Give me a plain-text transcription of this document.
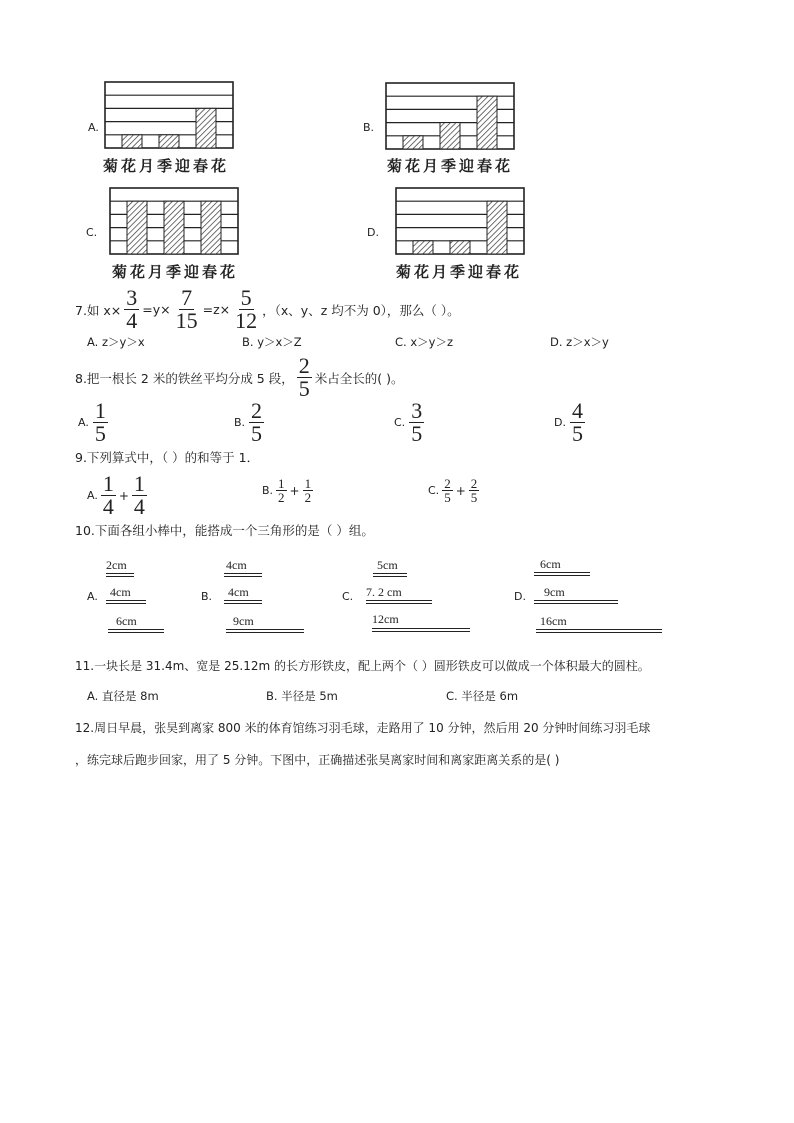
A.
菊花月季迎春花
B.
菊花月季迎春花
C.
菊花月季迎春花
D.
菊花月季迎春花
7.如 $x\times \frac{3}{4} =y\times \frac{7}{15} =z\times \frac{5}{12}$ ，（x、y、z 均不为 0），那么（ ）。
A. z＞y＞x	B. y＞x＞Z	C. x＞y＞z	D. z＞x＞y
8.把一根长 2 米的铁丝平均分成 5 段， $\frac{2}{5}$ 米占全长的( )。
A. $\frac{1}{5}$	B. $\frac{2}{5}$	C. $\frac{3}{5}$	D. $\frac{4}{5}$
9.下列算式中，（ ）的和等于 1．
A. $\frac{1}{4} + \frac{1}{4}$	B. $\frac{1}{2} + \frac{1}{2}$	C. $\frac{2}{5} + \frac{2}{5}$
10.下面各组小棒中，能搭成一个三角形的是（ ）组。
A.
2cm
4cm
6cm
B.
4cm
4cm
9cm
C.
5cm
7. 2 cm
12cm
D.
6cm
9cm
16cm
11.一块长是 31.4m、宽是 25.12m 的长方形铁皮，配上两个（ ）圆形铁皮可以做成一个体积最大的圆柱。
A. 直径是 8m	B. 半径是 5m	C. 半径是 6m
12.周日早晨，张昊到离家 800 米的体育馆练习羽毛球，走路用了 10 分钟，然后用 20 分钟时间练习羽毛球
，练完球后跑步回家，用了 5 分钟。下图中，正确描述张昊离家时间和离家距离关系的是( )
